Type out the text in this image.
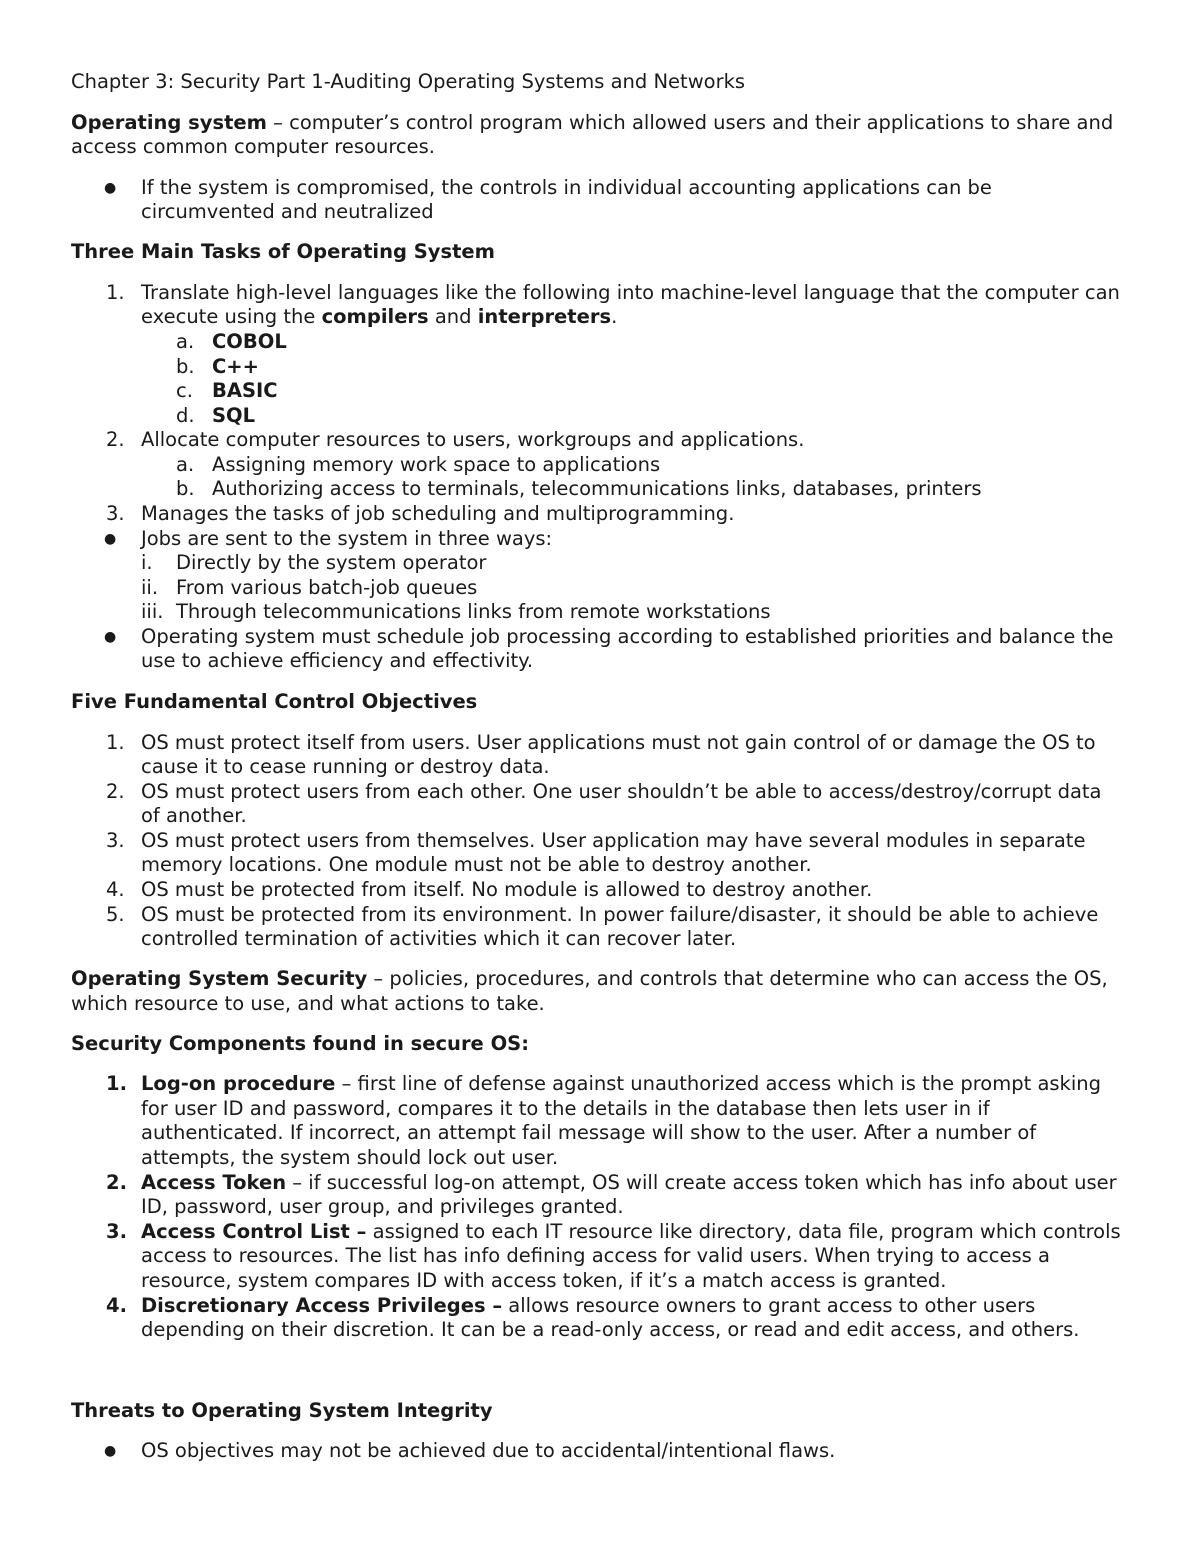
Chapter 3: Security Part 1-Auditing Operating Systems and Networks
Operating system – computer’s control program which allowed users and their applications to share and
access common computer resources.
● If the system is compromised, the controls in individual accounting applications can be
circumvented and neutralized
Three Main Tasks of Operating System
1. Translate high-level languages like the following into machine-level language that the computer can
execute using the compilers and interpreters.
a. COBOL
b. C++
c. BASIC
d. SQL
2. Allocate computer resources to users, workgroups and applications.
a. Assigning memory work space to applications
b. Authorizing access to terminals, telecommunications links, databases, printers
3. Manages the tasks of job scheduling and multiprogramming.
● Jobs are sent to the system in three ways:
i. Directly by the system operator
ii. From various batch-job queues
iii. Through telecommunications links from remote workstations
● Operating system must schedule job processing according to established priorities and balance the
use to achieve efficiency and effectivity.
Five Fundamental Control Objectives
1. OS must protect itself from users. User applications must not gain control of or damage the OS to
cause it to cease running or destroy data.
2. OS must protect users from each other. One user shouldn’t be able to access/destroy/corrupt data
of another.
3. OS must protect users from themselves. User application may have several modules in separate
memory locations. One module must not be able to destroy another.
4. OS must be protected from itself. No module is allowed to destroy another.
5. OS must be protected from its environment. In power failure/disaster, it should be able to achieve
controlled termination of activities which it can recover later.
Operating System Security – policies, procedures, and controls that determine who can access the OS,
which resource to use, and what actions to take.
Security Components found in secure OS:
1. Log-on procedure – first line of defense against unauthorized access which is the prompt asking
for user ID and password, compares it to the details in the database then lets user in if
authenticated. If incorrect, an attempt fail message will show to the user. After a number of
attempts, the system should lock out user.
2. Access Token – if successful log-on attempt, OS will create access token which has info about user
ID, password, user group, and privileges granted.
3. Access Control List – assigned to each IT resource like directory, data file, program which controls
access to resources. The list has info defining access for valid users. When trying to access a
resource, system compares ID with access token, if it’s a match access is granted.
4. Discretionary Access Privileges – allows resource owners to grant access to other users
depending on their discretion. It can be a read-only access, or read and edit access, and others.
Threats to Operating System Integrity
● OS objectives may not be achieved due to accidental/intentional flaws.
